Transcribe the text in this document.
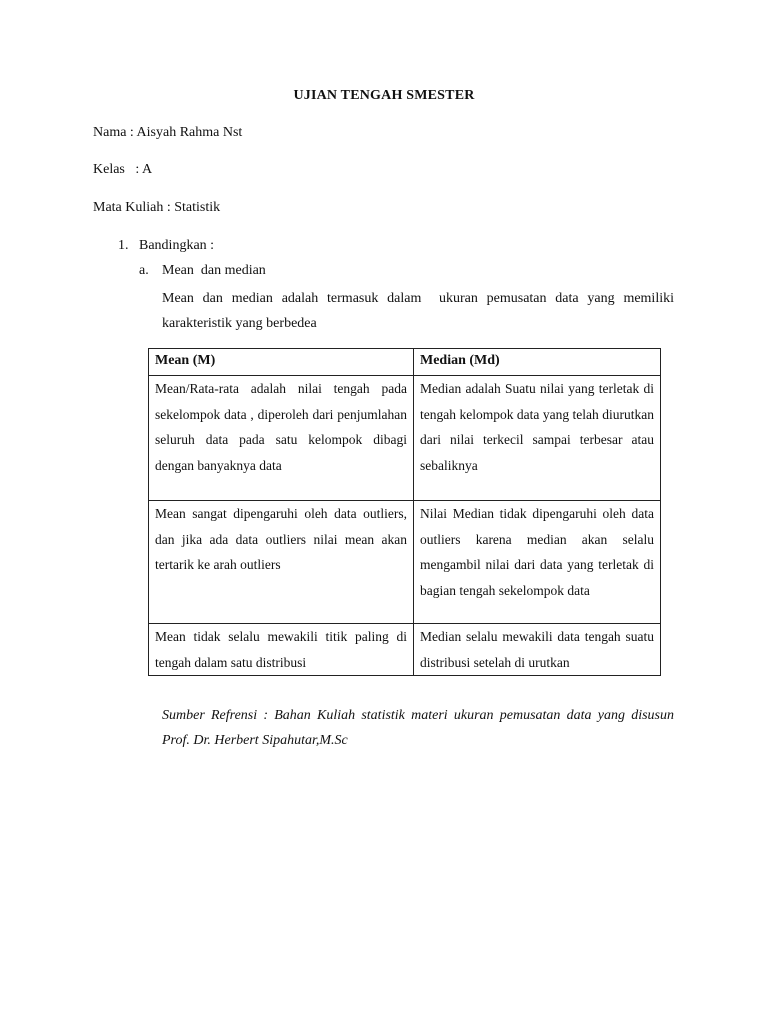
UJIAN TENGAH SMESTER
Nama : Aisyah Rahma Nst
Kelas   : A
Mata Kuliah : Statistik
1. Bandingkan :
a. Mean  dan median
Mean dan median adalah termasuk dalam  ukuran pemusatan data yang memiliki karakteristik yang berbedea
Mean (M)	Median (Md)
Mean/Rata-rata adalah nilai tengah pada sekelompok data , diperoleh dari penjumlahan seluruh data pada satu kelompok dibagi dengan banyaknya data	Median adalah Suatu nilai yang terletak di tengah kelompok data yang telah diurutkan dari nilai terkecil sampai terbesar atau sebaliknya
Mean sangat dipengaruhi oleh data outliers, dan jika ada data outliers nilai mean akan tertarik ke arah outliers	Nilai Median tidak dipengaruhi oleh data outliers karena median akan selalu mengambil nilai dari data yang terletak di bagian tengah sekelompok data
Mean tidak selalu mewakili titik paling di tengah dalam satu distribusi	Median selalu mewakili data tengah suatu distribusi setelah di urutkan
Sumber Refrensi : Bahan Kuliah statistik materi ukuran pemusatan data yang disusun Prof. Dr. Herbert Sipahutar,M.Sc
